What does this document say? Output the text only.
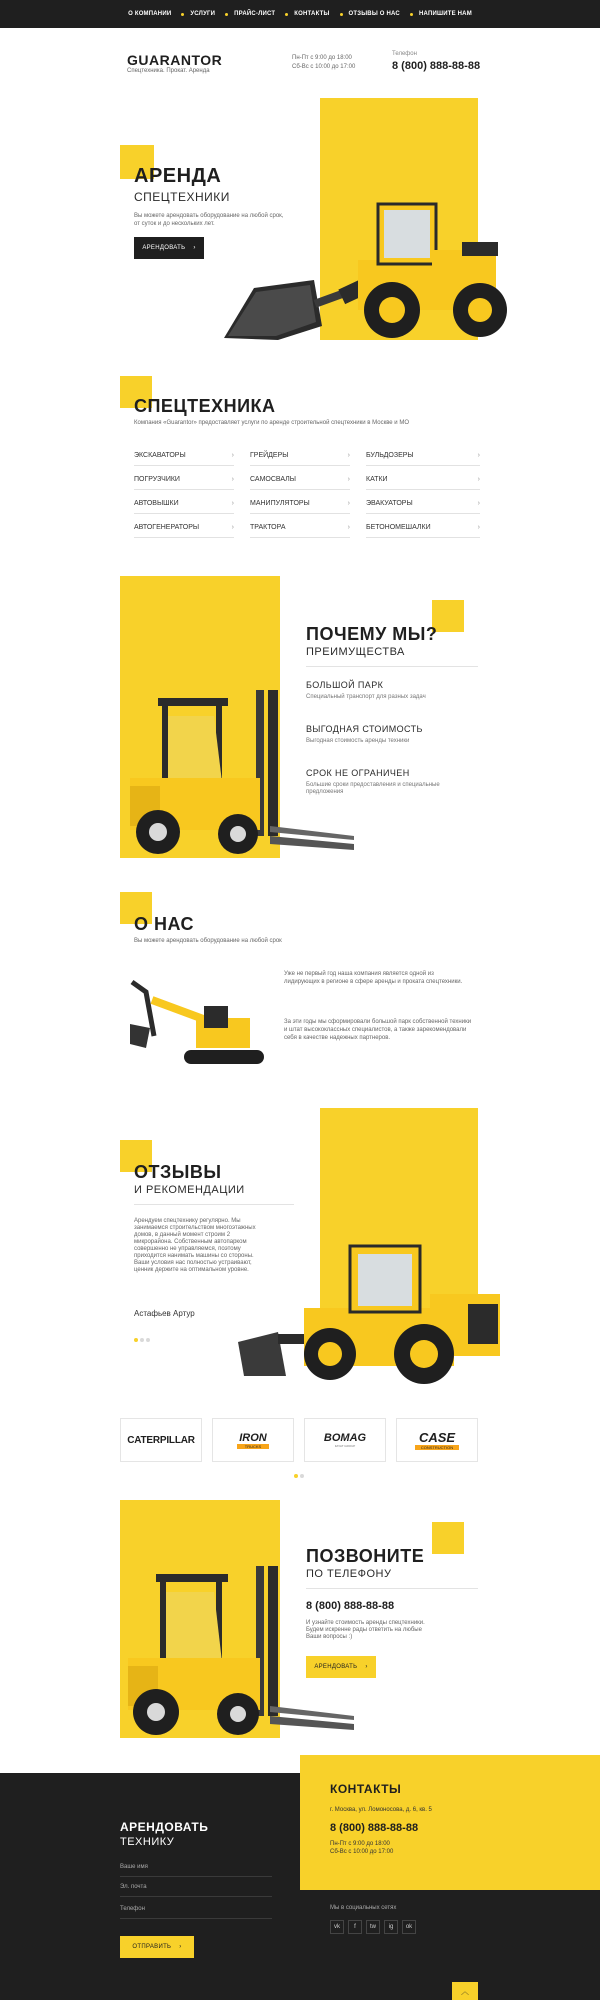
О КОМПАНИИ	УСЛУГИ	ПРАЙС-ЛИСТ	КОНТАКТЫ	ОТЗЫВЫ О НАС	НАПИШИТЕ НАМ
GUARANTOR
Спецтехника. Прокат. Аренда
Пн-Пт с 9:00 до 18:00
Сб-Вс с 10:00 до 17:00
Телефон
8 (800) 888-88-88
АРЕНДА
СПЕЦТЕХНИКИ
Вы можете арендовать оборудование на любой срок, от суток и до нескольких лет.
АРЕНДОВАТЬ ›
СПЕЦТЕХНИКА
Компания «Guarantor» предоставляет услуги по аренде строительной спецтехники в Москве и МО
ЭКСКАВАТОРЫ	› ГРЕЙДЕРЫ	› БУЛЬДОЗЕРЫ	›
ПОГРУЗЧИКИ	› САМОСВАЛЫ	› КАТКИ	›
АВТОВЫШКИ	› МАНИПУЛЯТОРЫ	› ЭВАКУАТОРЫ	›
АВТОГЕНЕРАТОРЫ	› ТРАКТОРА	› БЕТОНОМЕШАЛКИ	›
ПОЧЕМУ МЫ?
ПРЕИМУЩЕСТВА
БОЛЬШОЙ ПАРК
Специальный транспорт для разных задач
ВЫГОДНАЯ СТОИМОСТЬ
Выгодная стоимость аренды техники
СРОК НЕ ОГРАНИЧЕН
Большие сроки предоставления и специальные предложения
О НАС
Вы можете арендовать оборудование на любой срок
Уже не первый год наша компания является одной из лидирующих в регионе в сфере аренды и проката спецтехники.
За эти годы мы сформировали большой парк собственной техники и штат высококлассных специалистов, а также зарекомендовали себя в качестве надежных партнеров.
ОТЗЫВЫ
И РЕКОМЕНДАЦИИ
Арендуем спецтехнику регулярно. Мы занимаемся строительством многоэтажных домов, в данный момент строим 2 микрорайона. Собственным автопарком совершенно не управляемся, поэтому приходится нанимать машины со стороны. Ваши условия нас полностью устраивают, ценник держите на оптимальном уровне.
Астафьев Артур
CATERPILLAR	IRON
TRUCKS
BOMAG
FAYAT GROUP
CASE
CONSTRUCTION
ПОЗВОНИТЕ
ПО ТЕЛЕФОНУ
8 (800) 888-88-88
И узнайте стоимость аренды спецтехники. Будем искренне рады ответить на любые Ваши вопросы :)
АРЕНДОВАТЬ ›
КОНТАКТЫ
г. Москва, ул. Ломоносова, д. 6, кв. 5
8 (800) 888-88-88
Пн-Пт с 9:00 до 18:00
Сб-Вс с 10:00 до 17:00
АРЕНДОВАТЬ
ТЕХНИКУ
Ваше имя
Эл. почта
Телефон
ОТПРАВИТЬ ›
Мы в социальных сетях
vk	f	tw	ig	ok
︿
